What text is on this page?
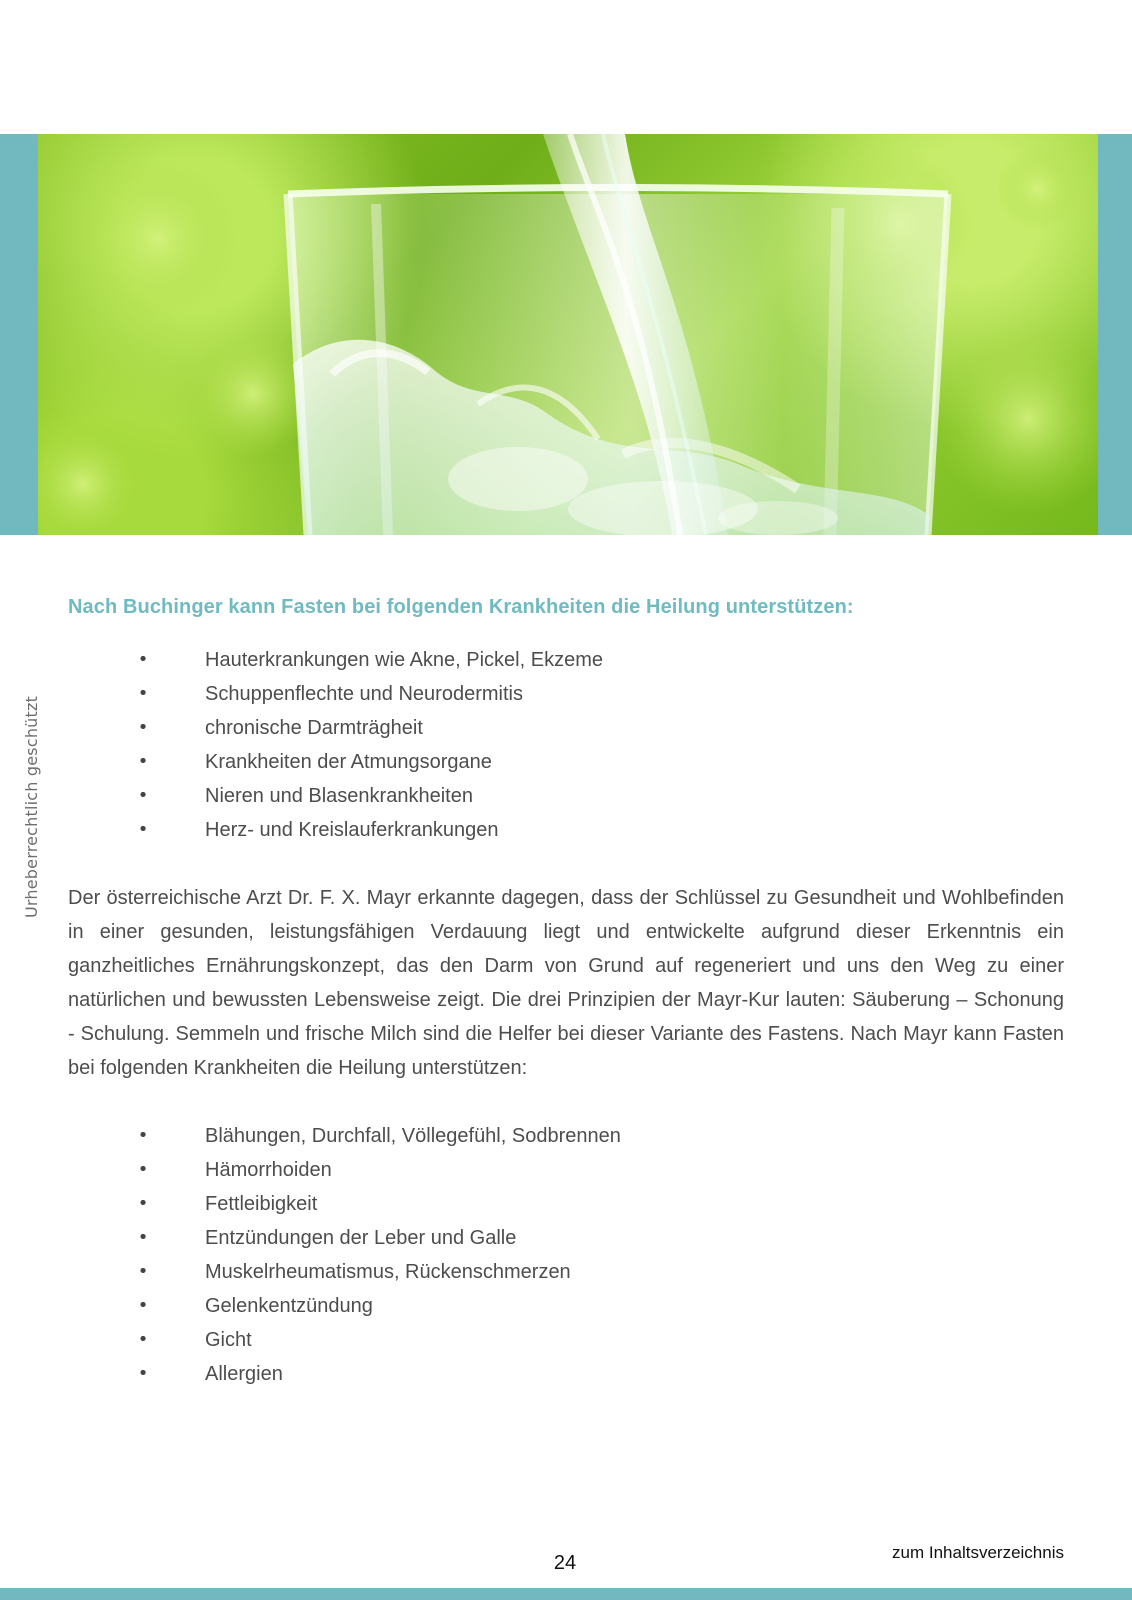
Urheberrechtlich geschützt
Nach Buchinger kann Fasten bei folgenden Krankheiten die Heilung unterstützen:
•	Hauterkrankungen wie Akne, Pickel, Ekzeme
•	Schuppenflechte und Neurodermitis
•	chronische Darmträgheit
•	Krankheiten der Atmungsorgane
•	Nieren und Blasenkrankheiten
•	Herz- und Kreislauferkrankungen

Der österreichische Arzt Dr. F. X. Mayr erkannte dagegen, dass der Schlüssel zu Gesundheit und Wohlbefinden in einer gesunden, leistungsfähigen Verdauung liegt und entwickelte aufgrund dieser Erkenntnis ein ganzheitliches Ernährungskonzept, das den Darm von Grund auf regeneriert und uns den Weg zu einer natürlichen und bewussten Lebensweise zeigt. Die drei Prinzipien der Mayr-Kur lauten: Säuberung – Schonung - Schulung. Semmeln und frische Milch sind die Helfer bei dieser Variante des Fastens. Nach Mayr kann Fasten bei folgenden Krankheiten die Heilung unterstützen:

•	Blähungen, Durchfall, Völlegefühl, Sodbrennen
•	Hämorrhoiden
•	Fettleibigkeit
•	Entzündungen der Leber und Galle
•	Muskelrheumatismus, Rückenschmerzen
•	Gelenkentzündung
•	Gicht
•	Allergien
24	zum Inhaltsverzeichnis
